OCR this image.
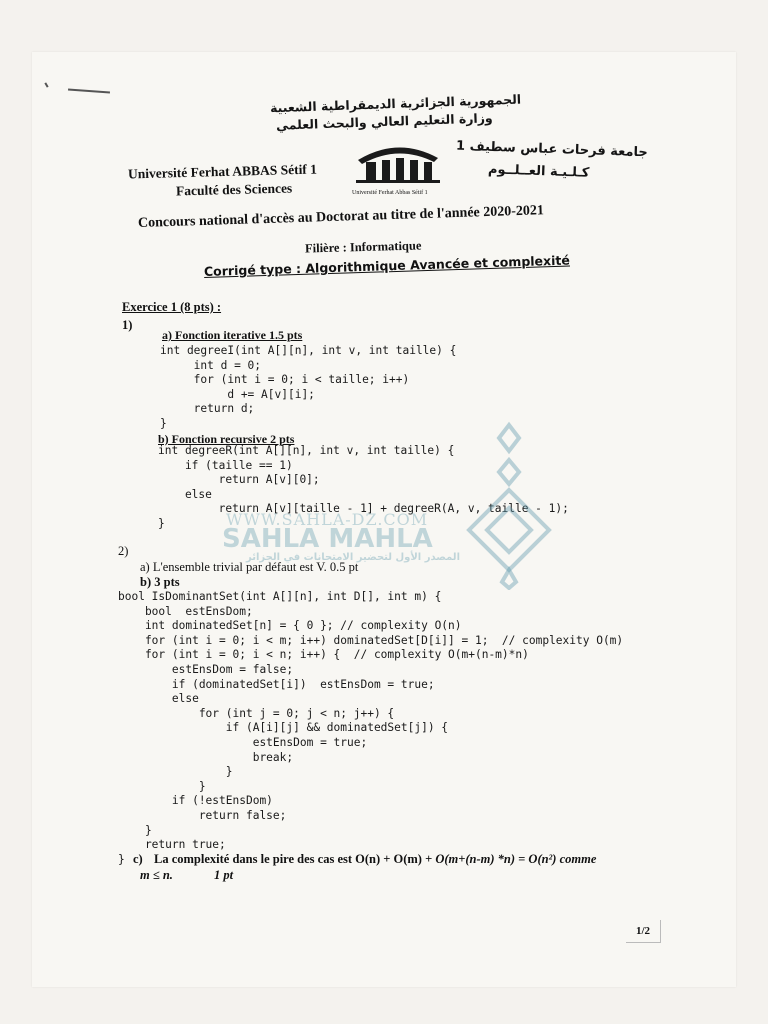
الجمهورية الجزائرية الديمقراطية الشعبية
وزارة التعليم العالي والبحث العلمي
Université Ferhat ABBAS Sétif 1
Faculté des Sciences
جامعة فرحات عباس سطيف 1
كـلـيـة العــلــوم
Université Ferhat Abbas Sétif 1
Concours national d'accès au Doctorat au titre de l'année 2020-2021
Filière : Informatique
Corrigé type : Algorithmique Avancée et complexité
Exercice 1 (8 pts) :
1)
a) Fonction iterative 1.5 pts
int degreeI(int A[][n], int v, int taille) {
int d = 0;
for (int i = 0; i < taille; i++)
d += A[v][i];
return d;
}
b) Fonction recursive 2 pts
int degreeR(int A[][n], int v, int taille) {
if (taille == 1)
return A[v][0];
else
return A[v][taille - 1] + degreeR(A, v, taille - 1);
}	WWW.SAHLA-DZ.COM
SAHLA MAHLA
المصدر الأول لتحضير الامتحانات في الجزائر
2)
a) L'ensemble trivial par défaut est V. 0.5 pt
b) 3 pts
bool IsDominantSet(int A[][n], int D[], int m) {
bool  estEnsDom;
int dominatedSet[n] = { 0 }; // complexity O(n)
for (int i = 0; i < m; i++) dominatedSet[D[i]] = 1;  // complexity O(m)
for (int i = 0; i < n; i++) {  // complexity O(m+(n-m)*n)
estEnsDom = false;
if (dominatedSet[i])  estEnsDom = true;
else
for (int j = 0; j < n; j++) {
if (A[i][j] && dominatedSet[j]) {
estEnsDom = true;
break;
}
}
if (!estEnsDom)
return false;
}
return true;
} c) La complexité dans le pire des cas est O(n) + O(m) + O(m+(n-m) *n) = O(n²) comme
m ≤ n.	1 pt
1/2
